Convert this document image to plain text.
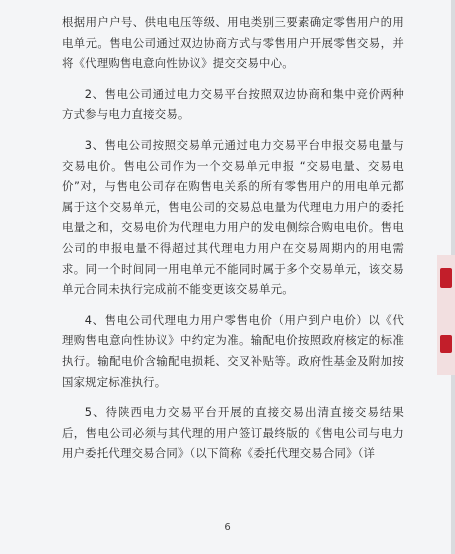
根据用户户号、供电电压等级、用电类别三要素确定零售用户的用电单元。售电公司通过双边协商方式与零售用户开展零售交易，并将《代理购售电意向性协议》提交交易中心。

2、售电公司通过电力交易平台按照双边协商和集中竞价两种方式参与电力直接交易。

3、售电公司按照交易单元通过电力交易平台申报交易电量与交易电价。售电公司作为一个交易单元申报 “交易电量、交易电价”对，与售电公司存在购售电关系的所有零售用户的用电单元都属于这个交易单元，售电公司的交易总电量为代理电力用户的委托电量之和，交易电价为代理电力用户的发电侧综合购电电价。售电公司的申报电量不得超过其代理电力用户在交易周期内的用电需求。同一个时间同一用电单元不能同时属于多个交易单元，该交易单元合同未执行完成前不能变更该交易单元。

4、售电公司代理电力用户零售电价（用户到户电价）以《代理购售电意向性协议》中约定为准。输配电价按照政府核定的标准执行。输配电价含输配电损耗、交叉补贴等。政府性基金及附加按国家规定标准执行。

5、待陕西电力交易平台开展的直接交易出清直接交易结果后，售电公司必须与其代理的用户签订最终版的《售电公司与电力用户委托代理交易合同》（以下简称《委托代理交易合同》（详

6
